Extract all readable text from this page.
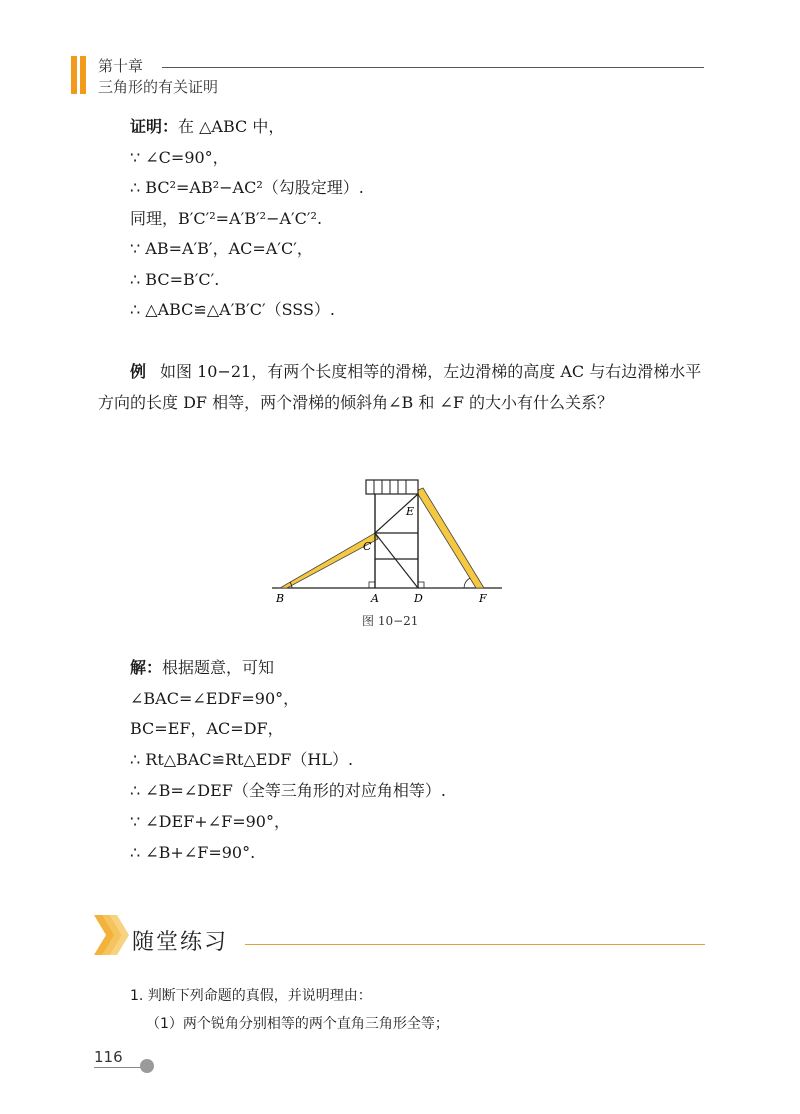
第十章
三角形的有关证明
证明：在 △ABC 中，
∵ ∠C=90°，
∴ BC²=AB²−AC²（勾股定理）.
同理，B′C′²=A′B′²−A′C′².
∵ AB=A′B′，AC=A′C′，
∴ BC=B′C′.
∴ △ABC≌△A′B′C′（SSS）.
例 如图 10−21，有两个长度相等的滑梯，左边滑梯的高度 AC 与右边滑梯水平方向的长度 DF 相等，两个滑梯的倾斜角∠B 和 ∠F 的大小有什么关系？
B	A	D	F
C
E
图 10−21
解：根据题意，可知
∠BAC=∠EDF=90°，
BC=EF，AC=DF，
∴ Rt△BAC≌Rt△EDF（HL）.
∴ ∠B=∠DEF（全等三角形的对应角相等）.
∵ ∠DEF+∠F=90°，
∴ ∠B+∠F=90°.
随堂练习
1. 判断下列命题的真假，并说明理由：
（1）两个锐角分别相等的两个直角三角形全等；
116
